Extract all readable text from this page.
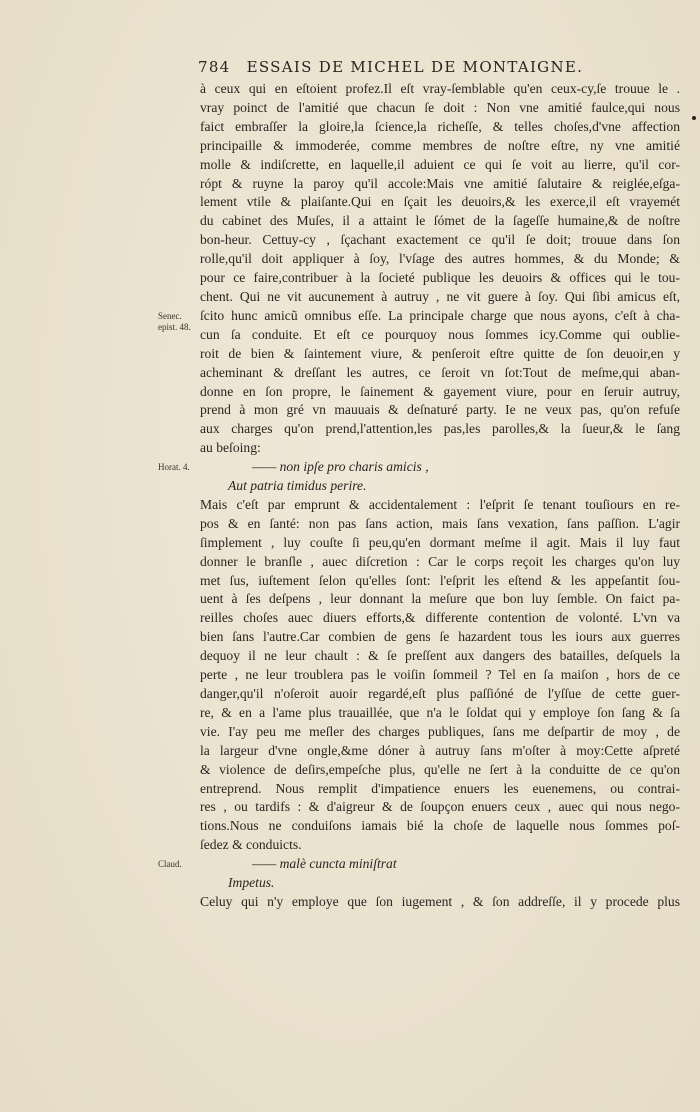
784 ESSAIS DE MICHEL DE MONTAIGNE.
Senec.
epist. 48.
Horat. 4.
Claud.
à ceux qui en eſtoient profez.Il eſt vray-ſemblable qu'en ceux-cy,ſe trouue le .
vray poinct de l'amitié que chacun ſe doit : Non vne amitié faulce,qui nous
faict embraſſer la gloire,la ſcience,la richeſſe, & telles choſes,d'vne affection
principaille & immoderée, comme membres de noſtre eſtre, ny vne amitié
molle & indiſcrette, en laquelle,il aduient ce qui ſe voit au lierre, qu'il cor-
rópt & ruyne la paroy qu'il accole:Mais vne amitié ſalutaire & reiglée,eſga-
lement vtile & plaiſante.Qui en ſçait les deuoirs,& les exerce,il eſt vrayemét
du cabinet des Muſes, il a attaint le ſómet de la ſageſſe humaine,& de noſtre
bon-heur. Cettuy-cy , ſçachant exactement ce qu'il ſe doit; trouue dans ſon
rolle,qu'il doit appliquer à ſoy, l'vſage des autres hommes, & du Monde; &
pour ce faire,contribuer à la ſocieté publique les deuoirs & offices qui le tou-
chent. Qui ne vit aucunement à autruy , ne vit guere à ſoy. Qui ſibi amicus eſt,
ſcito hunc amicũ omnibus eſſe. La principale charge que nous ayons, c'eſt à cha-
cun ſa conduite. Et eſt ce pourquoy nous ſommes icy.Comme qui oublie-
roit de bien & ſaintement viure, & penſeroit eſtre quitte de ſon deuoir,en y
acheminant & dreſſant les autres, ce ſeroit vn ſot:Tout de meſme,qui aban-
donne en ſon propre, le ſainement & gayement viure, pour en ſeruir autruy,
prend à mon gré vn mauuais & deſnaturé party. Ie ne veux pas, qu'on refuſe
aux charges qu'on prend,l'attention,les pas,les parolles,& la ſueur,& le ſang
au beſoing:
—— non ipſe pro charis amicis ,
Aut patria timidus perire.
Mais c'eſt par emprunt & accidentalement : l'eſprit ſe tenant touſiours en re-
pos & en ſanté: non pas ſans action, mais ſans vexation, ſans paſſion. L'agir
ſimplement , luy couſte ſi peu,qu'en dormant meſme il agit. Mais il luy faut
donner le branſle , auec diſcretion : Car le corps reçoit les charges qu'on luy
met ſus, iuſtement ſelon qu'elles ſont: l'eſprit les eſtend & les appeſantit ſou-
uent à ſes deſpens , leur donnant la meſure que bon luy ſemble. On faict pa-
reilles choſes auec diuers efforts,& differente contention de volonté. L'vn va
bien ſans l'autre.Car combien de gens ſe hazardent tous les iours aux guerres
dequoy il ne leur chault : & ſe preſſent aux dangers des batailles, deſquels la
perte , ne leur troublera pas le voiſin ſommeil ? Tel en ſa maiſon , hors de ce
danger,qu'il n'oſeroit auoir regardé,eſt plus paſſióné de l'yſſue de cette guer-
re, & en a l'ame plus trauaillée, que n'a le ſoldat qui y employe ſon ſang & ſa
vie. I'ay peu me meſler des charges publiques, ſans me deſpartir de moy , de
la largeur d'vne ongle,&me dóner à autruy ſans m'oſter à moy:Cette aſpreté
& violence de deſirs,empeſche plus, qu'elle ne ſert à la conduitte de ce qu'on
entreprend. Nous remplit d'impatience enuers les euenemens, ou contrai-
res , ou tardifs : & d'aigreur & de ſoupçon enuers ceux , auec qui nous nego-
tions.Nous ne conduiſons iamais bié la choſe de laquelle nous ſommes poſ-
ſedez & conduicts.
—— malè cuncta miniſtrat
Impetus.
Celuy qui n'y employe que ſon iugement , & ſon addreſſe, il y procede plus
